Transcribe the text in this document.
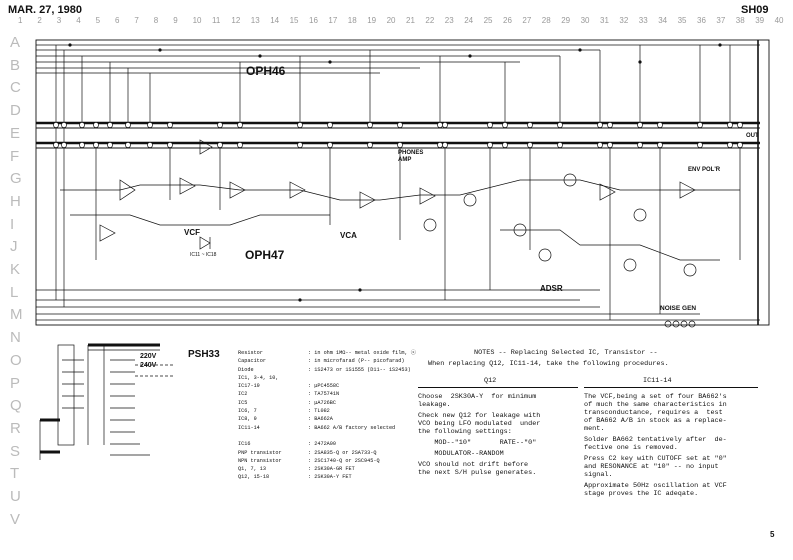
MAR. 27, 1980	SH09
5
1 2 3 4 5 6 7 8 9 10 11 12 13 14 15 16 17 18 19 20 21 22 23 24 25 26 27 28 29 30 31 32 33 34 35 36 37 38 39 40
A
B
C
D
E
F
G
H
I
J
K
L
M
N
O
P
Q
R
S
T
U
V
OPH46
OPH47
PSH33
PHONES AMP
VCF	VCA
ADSR
ENV POL'R
NOISE GEN
OUT
IC11 ~ IC18
220V
240V
Resistor	: in ohm 1MΩ-- metal oxide film, ⓧ
Capacitor	: in microfarad (P-- picofarad)
Diode	: 1S2473 or 1S1555 (D11-- 1S2453)
IC1, 3-4, 10,
IC17-19	: μPC4558C
IC2	: TA75741N
IC5	: μA726BC
IC6, 7	: TL082
IC8, 9	: BA662A
IC11-14	: BA662 A/B factory selected

IC16	: 2472A00
PNP transistor	: 2SA835-Q or 2SA733-Q
NPN transistor	: 2SC1740-Q or 2SC945-Q
Q1, 7, 13	: 2SK30A-GR FET
Q12, 15-18	: 2SK30A-Y FET
NOTES -- Replacing Selected IC, Transistor --
When replacing Q12, IC11-14, take the following procedures.
Q12
Choose  2SK30A-Y  for minimum
leakage.

Check new Q12 for leakage with
VCO being LFO modulated  under
the following settings:

MOD--"10"       RATE--"0"

MODULATOR--RANDOM

VCO should not drift before
the next S/H pulse generates.
IC11-14
The VCF,being a set of four BA662's
of much the same characteristics in
transconductance, requires a  test
of BA662 A/B in stock as a replace-
ment.

Solder BA662 tentatively after  de-
fective one is removed.

Press C2 key with CUTOFF set at "0"
and RESONANCE at "10" -- no input
signal.

Approximate 50Hz oscillation at VCF
stage proves the IC adeqate.
